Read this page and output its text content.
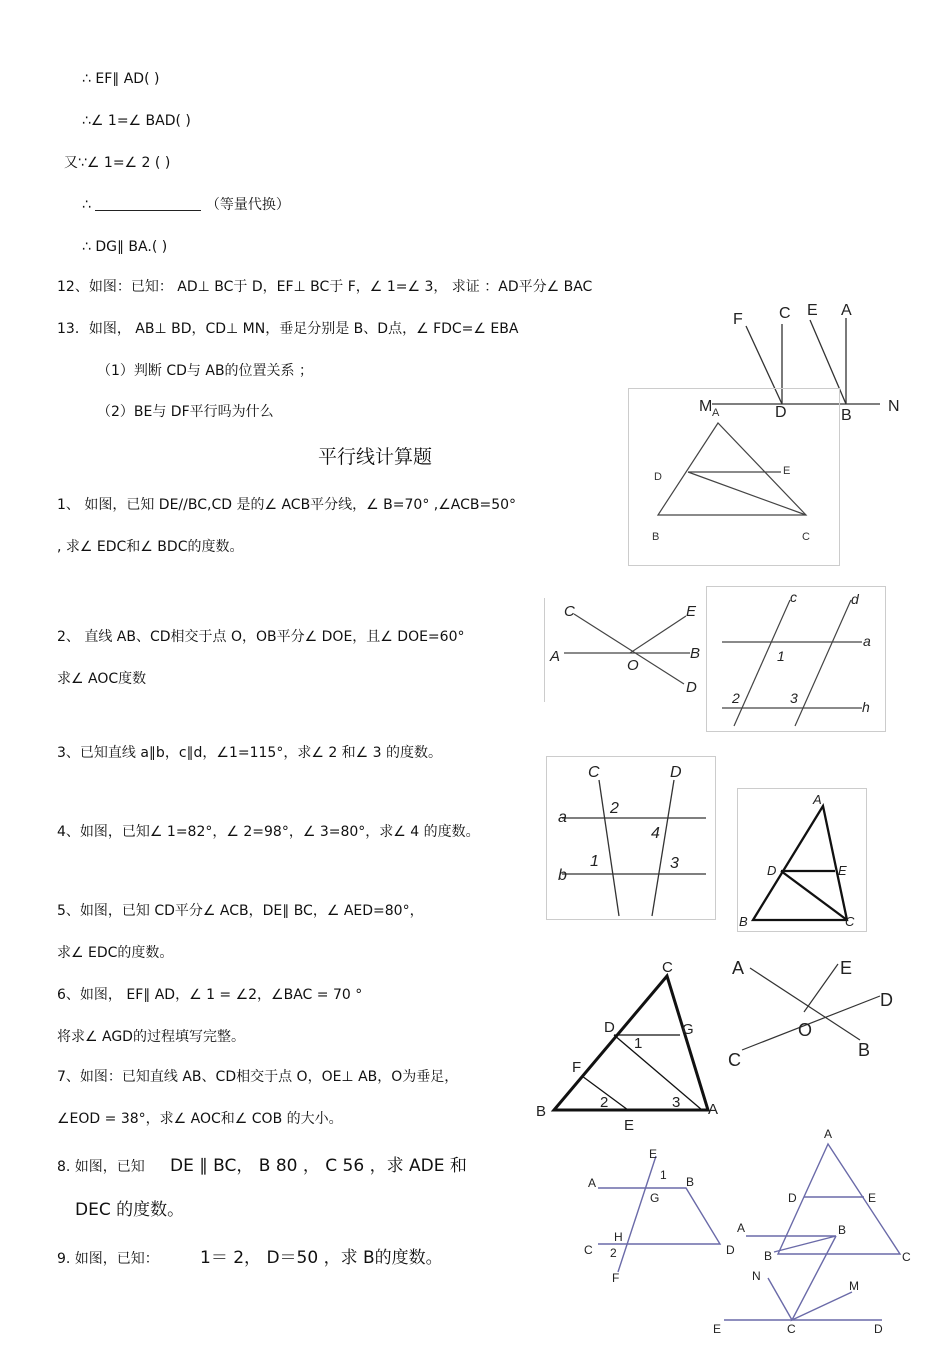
∴ EF∥ AD( )
∴∠ 1=∠ BAD( )
又∵∠ 1=∠ 2 ( )
∴	（等量代换）
∴ DG∥ BA.( )
12、如图：已知： AD⊥ BC于 D，EF⊥ BC于 F，∠ 1=∠ 3， 求证 ：AD平分∠ BAC
13．如图， AB⊥ BD，CD⊥ MN，垂足分别是 B、D点，∠ FDC=∠ EBA
（1）判断 CD与 AB的位置关系 ；
（2）BE与 DF平行吗为什么
平行线计算题
1、 如图，已知 DE//BC,CD 是的∠ ACB平分线，∠ B=70° ,∠ACB=50°
, 求∠ EDC和∠ BDC的度数。
2、 直线 AB、CD相交于点 O，OB平分∠ DOE，且∠ DOE=60°
求∠ AOC度数
3、已知直线 a∥b，c∥d，∠1=115°，求∠ 2 和∠ 3 的度数。
4、如图，已知∠ 1=82°，∠ 2=98°，∠ 3=80°，求∠ 4 的度数。
5、如图，已知 CD平分∠ ACB，DE∥ BC，∠ AED=80°，
求∠ EDC的度数。
6、如图， EF∥ AD，∠ 1 = ∠2，∠BAC = 70 °
将求∠ AGD的过程填写完整。
7、如图：已知直线 AB、CD相交于点 O，OE⊥ AB，O为垂足，
∠EOD = 38°，求∠ AOC和∠ COB 的大小。
8. 如图，已知 DE ∥ BC， B 80 ， C 56 ，求 ADE 和
DEC 的度数。
9. 如图，已知： 1＝ 2， D＝50 ，求 B的度数。
F C E A
M	D	B
N
A
E
D
B	C
C	E
A	B
O
D
c	d
a
1
2	3
h
C	D
2
a
4
1
b
3
A
D	E
B	C
C
D	G
1
F
B
2	3 A
E
A	E
D
O
C	B
E
A
1 B
G
H
C 2	D
F
A
D	E
A	B
B	C
N
M
E	C	D
